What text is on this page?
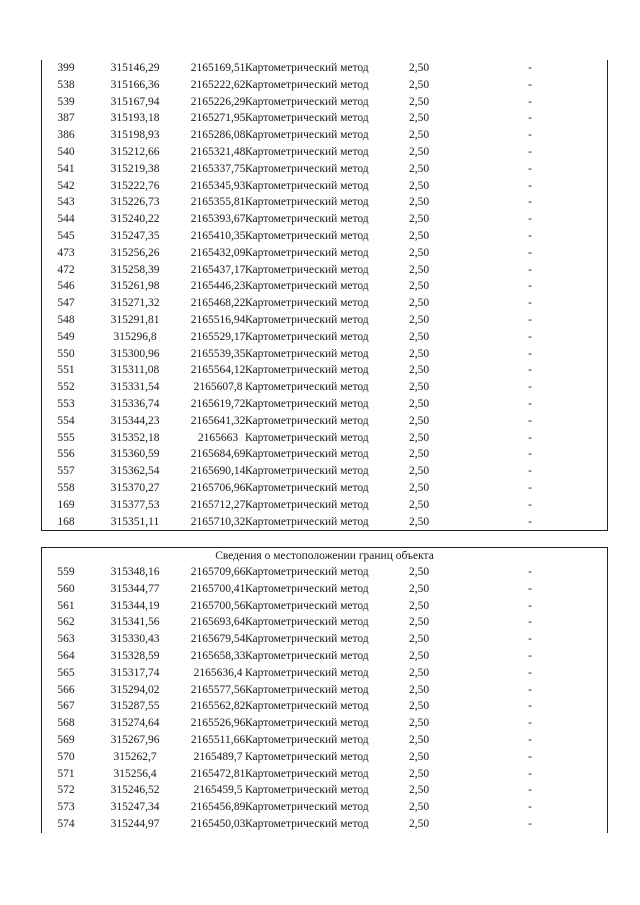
399	315146,29	2165169,51 Картометрический метод	2,50	-
538	315166,36	2165222,62 Картометрический метод	2,50	-
539	315167,94	2165226,29 Картометрический метод	2,50	-
387	315193,18	2165271,95 Картометрический метод	2,50	-
386	315198,93	2165286,08 Картометрический метод	2,50	-
540	315212,66	2165321,48 Картометрический метод	2,50	-
541	315219,38	2165337,75 Картометрический метод	2,50	-
542	315222,76	2165345,93 Картометрический метод	2,50	-
543	315226,73	2165355,81 Картометрический метод	2,50	-
544	315240,22	2165393,67 Картометрический метод	2,50	-
545	315247,35	2165410,35 Картометрический метод	2,50	-
473	315256,26	2165432,09 Картометрический метод	2,50	-
472	315258,39	2165437,17 Картометрический метод	2,50	-
546	315261,98	2165446,23 Картометрический метод	2,50	-
547	315271,32	2165468,22 Картометрический метод	2,50	-
548	315291,81	2165516,94 Картометрический метод	2,50	-
549	315296,8	2165529,17 Картометрический метод	2,50	-
550	315300,96	2165539,35 Картометрический метод	2,50	-
551	315311,08	2165564,12 Картометрический метод	2,50	-
552	315331,54	2165607,8 Картометрический метод	2,50	-
553	315336,74	2165619,72 Картометрический метод	2,50	-
554	315344,23	2165641,32 Картометрический метод	2,50	-
555	315352,18	2165663 Картометрический метод	2,50	-
556	315360,59	2165684,69 Картометрический метод	2,50	-
557	315362,54	2165690,14 Картометрический метод	2,50	-
558	315370,27	2165706,96 Картометрический метод	2,50	-
169	315377,53	2165712,27 Картометрический метод	2,50	-
168	315351,11	2165710,32 Картометрический метод	2,50	-
Сведения о местоположении границ объекта
559	315348,16	2165709,66 Картометрический метод	2,50	-
560	315344,77	2165700,41 Картометрический метод	2,50	-
561	315344,19	2165700,56 Картометрический метод	2,50	-
562	315341,56	2165693,64 Картометрический метод	2,50	-
563	315330,43	2165679,54 Картометрический метод	2,50	-
564	315328,59	2165658,33 Картометрический метод	2,50	-
565	315317,74	2165636,4 Картометрический метод	2,50	-
566	315294,02	2165577,56 Картометрический метод	2,50	-
567	315287,55	2165562,82 Картометрический метод	2,50	-
568	315274,64	2165526,96 Картометрический метод	2,50	-
569	315267,96	2165511,66 Картометрический метод	2,50	-
570	315262,7	2165489,7 Картометрический метод	2,50	-
571	315256,4	2165472,81 Картометрический метод	2,50	-
572	315246,52	2165459,5 Картометрический метод	2,50	-
573	315247,34	2165456,89 Картометрический метод	2,50	-
574	315244,97	2165450,03 Картометрический метод	2,50	-
